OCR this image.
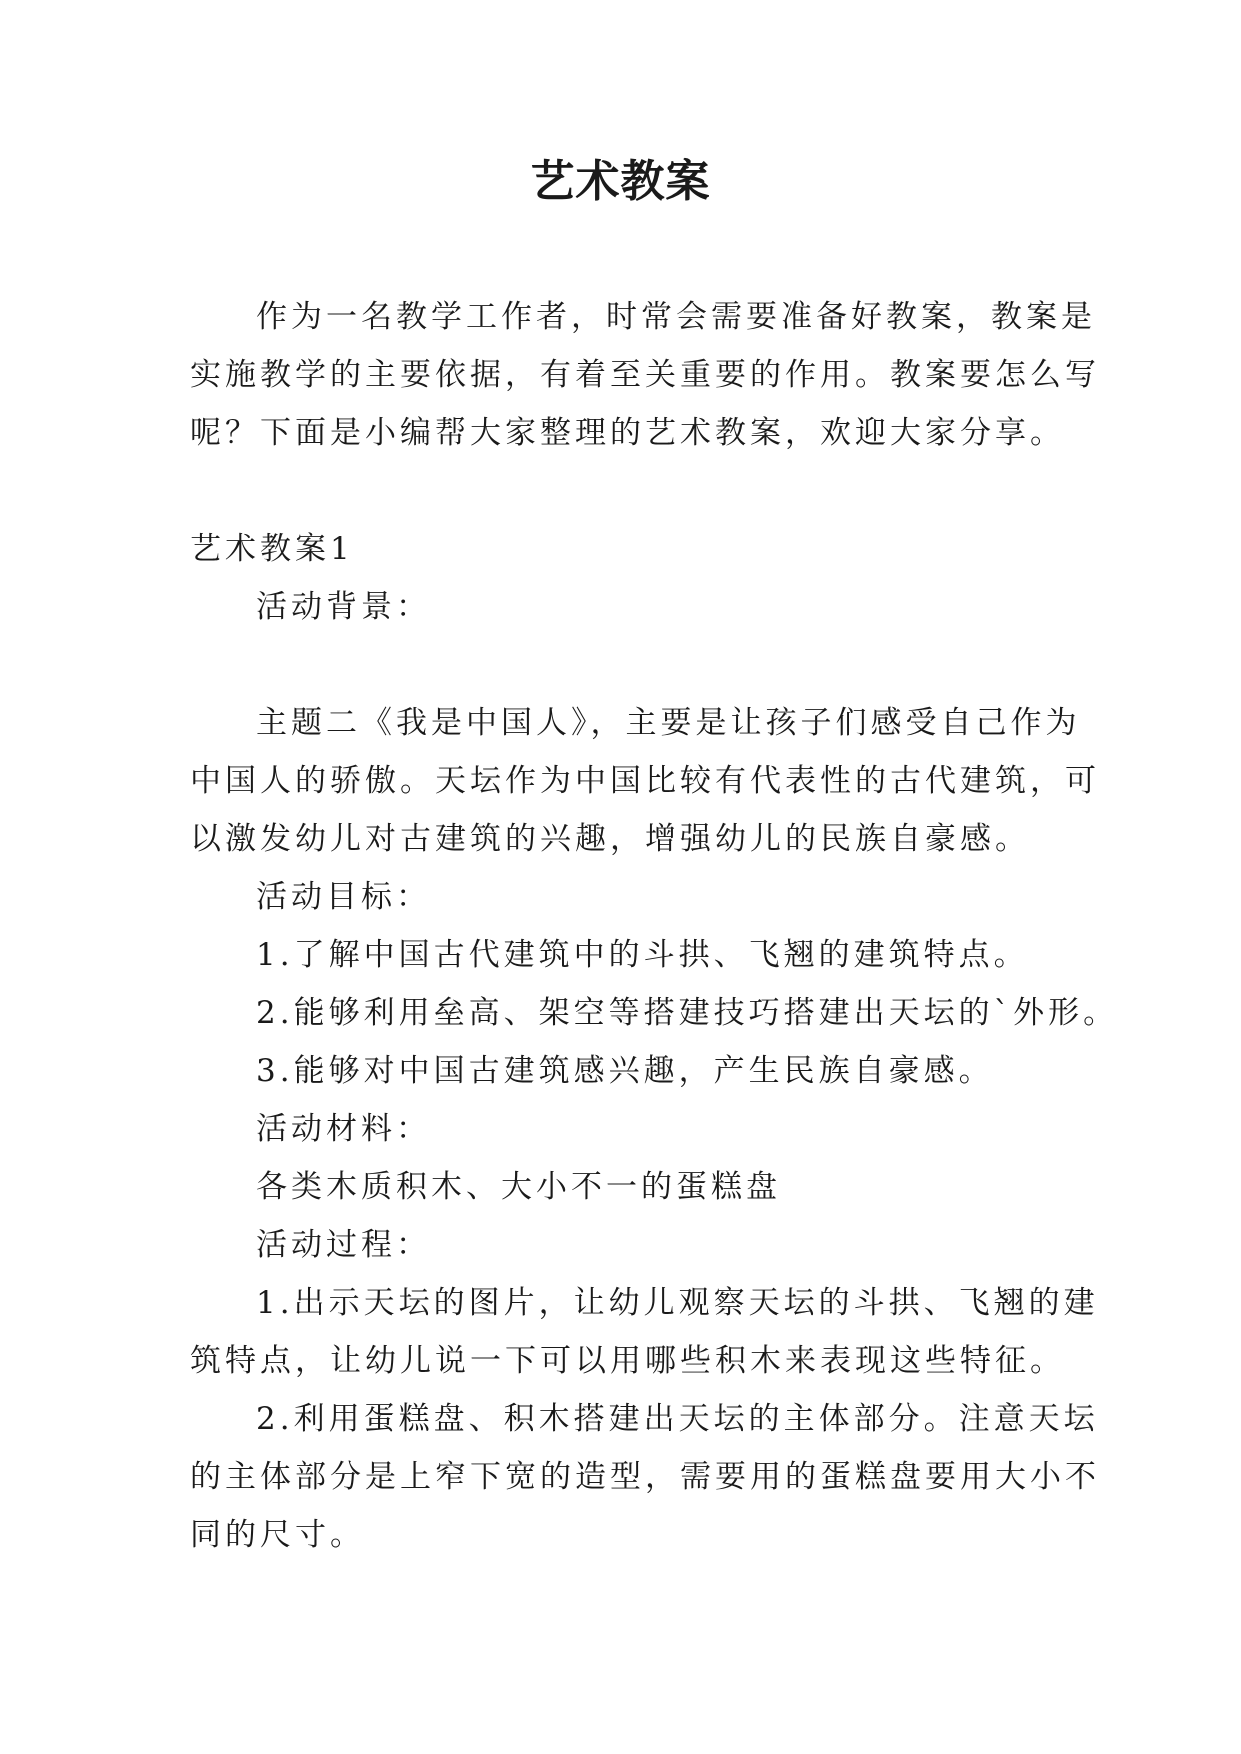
艺术教案
作为一名教学工作者，时常会需要准备好教案，教案是
实施教学的主要依据，有着至关重要的作用。教案要怎么写
呢？下面是小编帮大家整理的艺术教案，欢迎大家分享。
艺术教案1
活动背景：
主题二《我是中国人》，主要是让孩子们感受自己作为
中国人的骄傲。天坛作为中国比较有代表性的古代建筑，可
以激发幼儿对古建筑的兴趣，增强幼儿的民族自豪感。
活动目标：
1.了解中国古代建筑中的斗拱、飞翘的建筑特点。
2.能够利用垒高、架空等搭建技巧搭建出天坛的`外形。
3.能够对中国古建筑感兴趣，产生民族自豪感。
活动材料：
各类木质积木、大小不一的蛋糕盘
活动过程：
1.出示天坛的图片，让幼儿观察天坛的斗拱、飞翘的建
筑特点，让幼儿说一下可以用哪些积木来表现这些特征。
2.利用蛋糕盘、积木搭建出天坛的主体部分。注意天坛
的主体部分是上窄下宽的造型，需要用的蛋糕盘要用大小不
同的尺寸。
